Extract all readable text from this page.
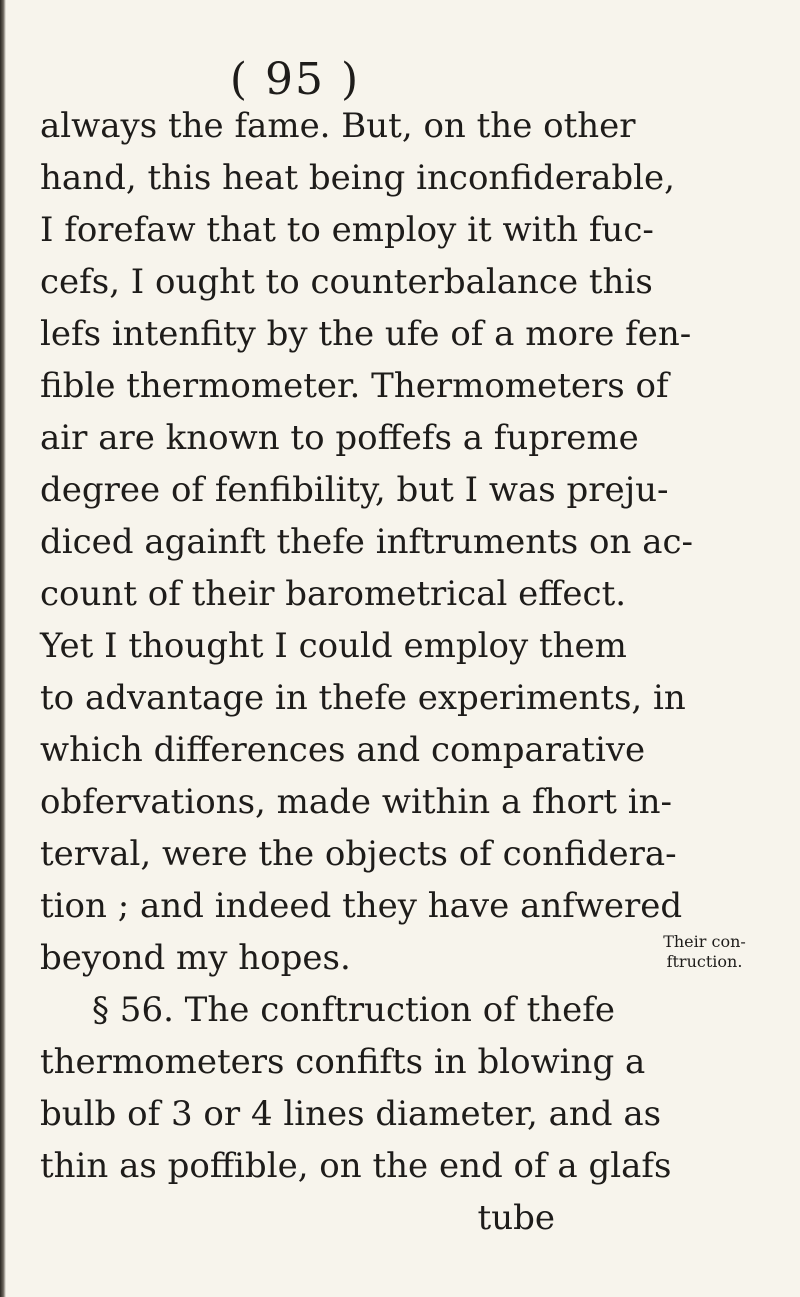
( 95 )
always the fame. But, on the other
hand, this heat being inconfiderable,
I forefaw that to employ it with fuc-
cefs, I ought to counterbalance this
lefs intenfity by the ufe of a more fen-
fible thermometer. Thermometers of
air are known to poffefs a fupreme
degree of fenfibility, but I was preju-
diced againft thefe inftruments on ac-
count of their barometrical effect.
Yet I thought I could employ them
to advantage in thefe experiments, in
which differences and comparative
obfervations, made within a fhort in-
terval, were the objects of confidera-
tion ; and indeed they have anfwered
beyond my hopes.
§ 56. The conftruction of thefe
thermometers confifts in blowing a
bulb of 3 or 4 lines diameter, and as
thin as poffible, on the end of a glafs
tube
Their con-
ftruction.
